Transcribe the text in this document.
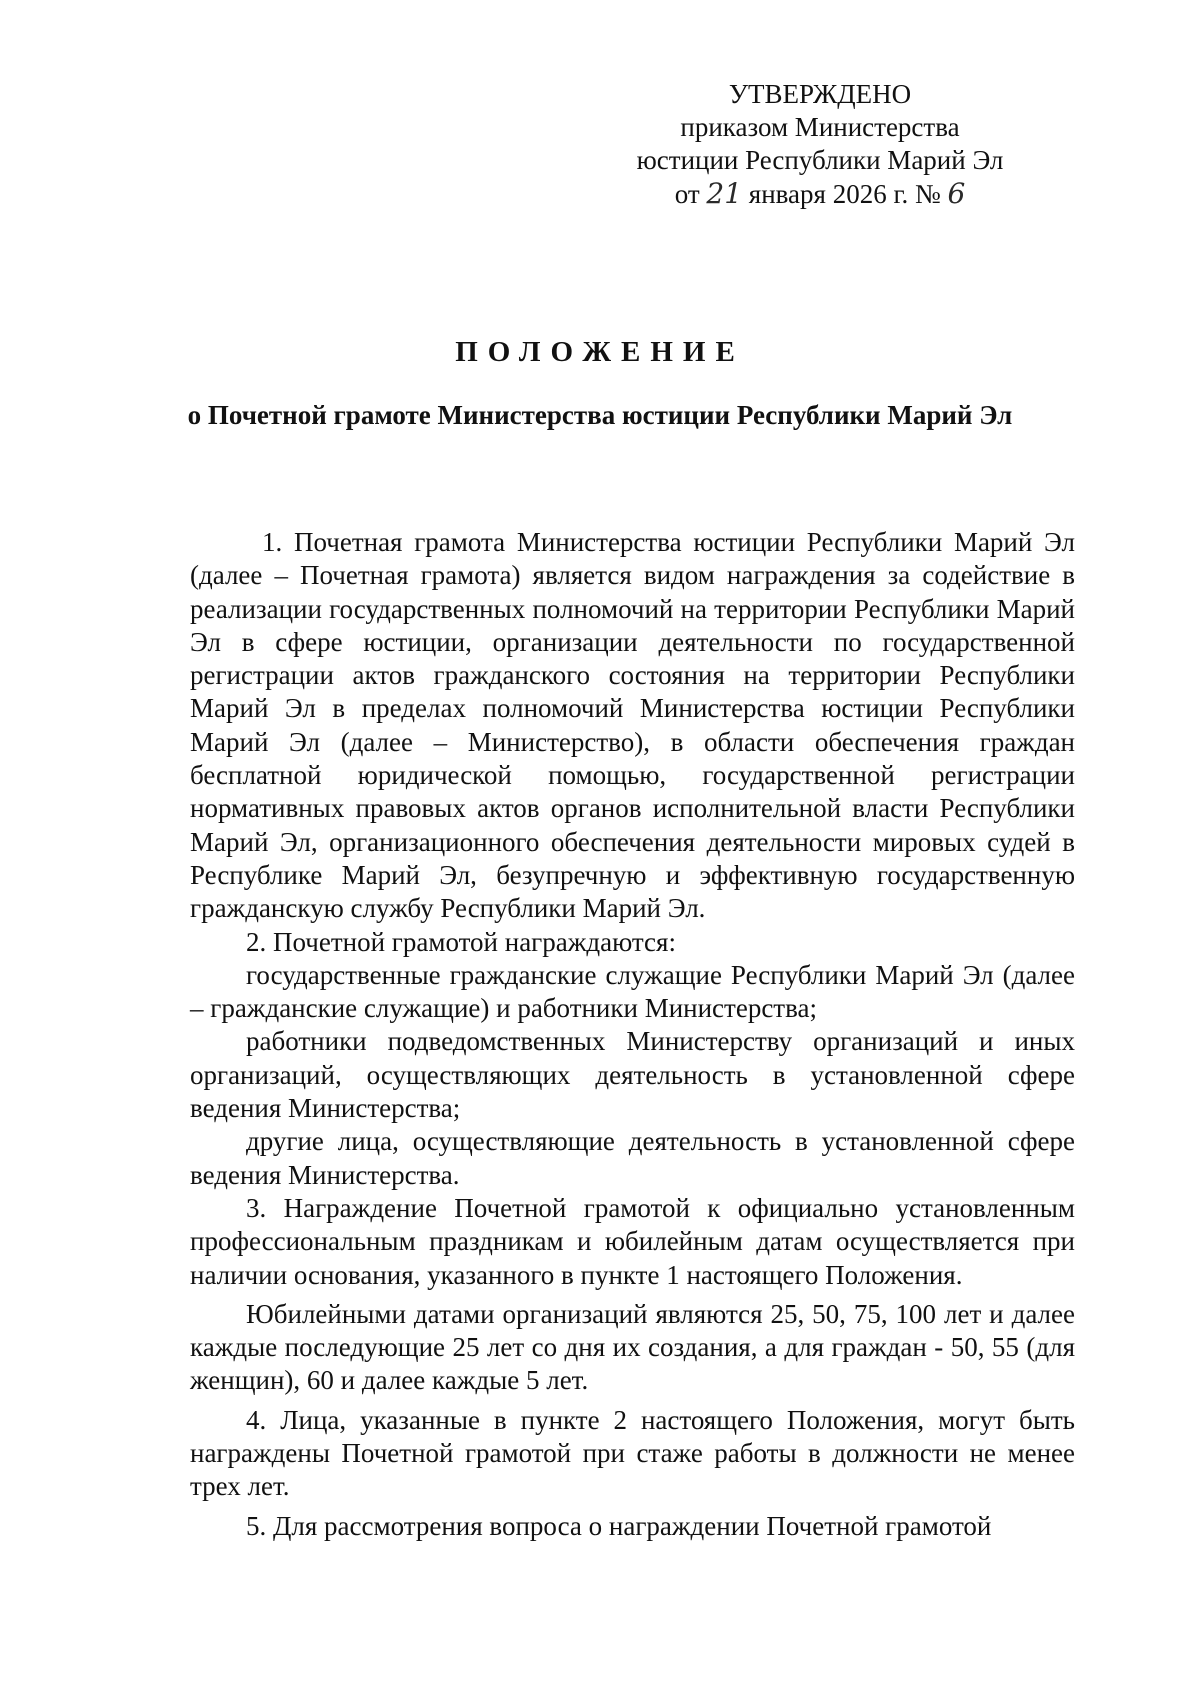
УТВЕРЖДЕНО
приказом Министерства
юстиции Республики Марий Эл
от 21 января 2026 г. № 6
ПОЛОЖЕНИЕ
о Почетной грамоте Министерства юстиции Республики Марий Эл

1. Почетная грамота Министерства юстиции Республики Марий Эл (далее – Почетная грамота) является видом награждения за содействие в реализации государственных полномочий на территории Республики Марий Эл в сфере юстиции, организации деятельности по государственной регистрации актов гражданского состояния на территории Республики Марий Эл в пределах полномочий Министерства юстиции Республики Марий Эл (далее – Министерство), в области обеспечения граждан бесплатной юридической помощью, государственной регистрации нормативных правовых актов органов исполнительной власти Республики Марий Эл, организационного обеспечения деятельности мировых судей в Республике Марий Эл, безупречную и эффективную государственную гражданскую службу Республики Марий Эл.

2. Почетной грамотой награждаются:

государственные гражданские служащие Республики Марий Эл (далее – гражданские служащие) и работники Министерства;

работники подведомственных Министерству организаций и иных организаций, осуществляющих деятельность в установленной сфере ведения Министерства;

другие лица, осуществляющие деятельность в установленной сфере ведения Министерства.

3. Награждение Почетной грамотой к официально установленным профессиональным праздникам и юбилейным датам осуществляется при наличии основания, указанного в пункте 1 настоящего Положения.

Юбилейными датами организаций являются 25, 50, 75, 100 лет и далее каждые последующие 25 лет со дня их создания, а для граждан - 50, 55 (для женщин), 60 и далее каждые 5 лет.

4. Лица, указанные в пункте 2 настоящего Положения, могут быть награждены Почетной грамотой при стаже работы в должности не менее трех лет.

5. Для рассмотрения вопроса о награждении Почетной грамотой
